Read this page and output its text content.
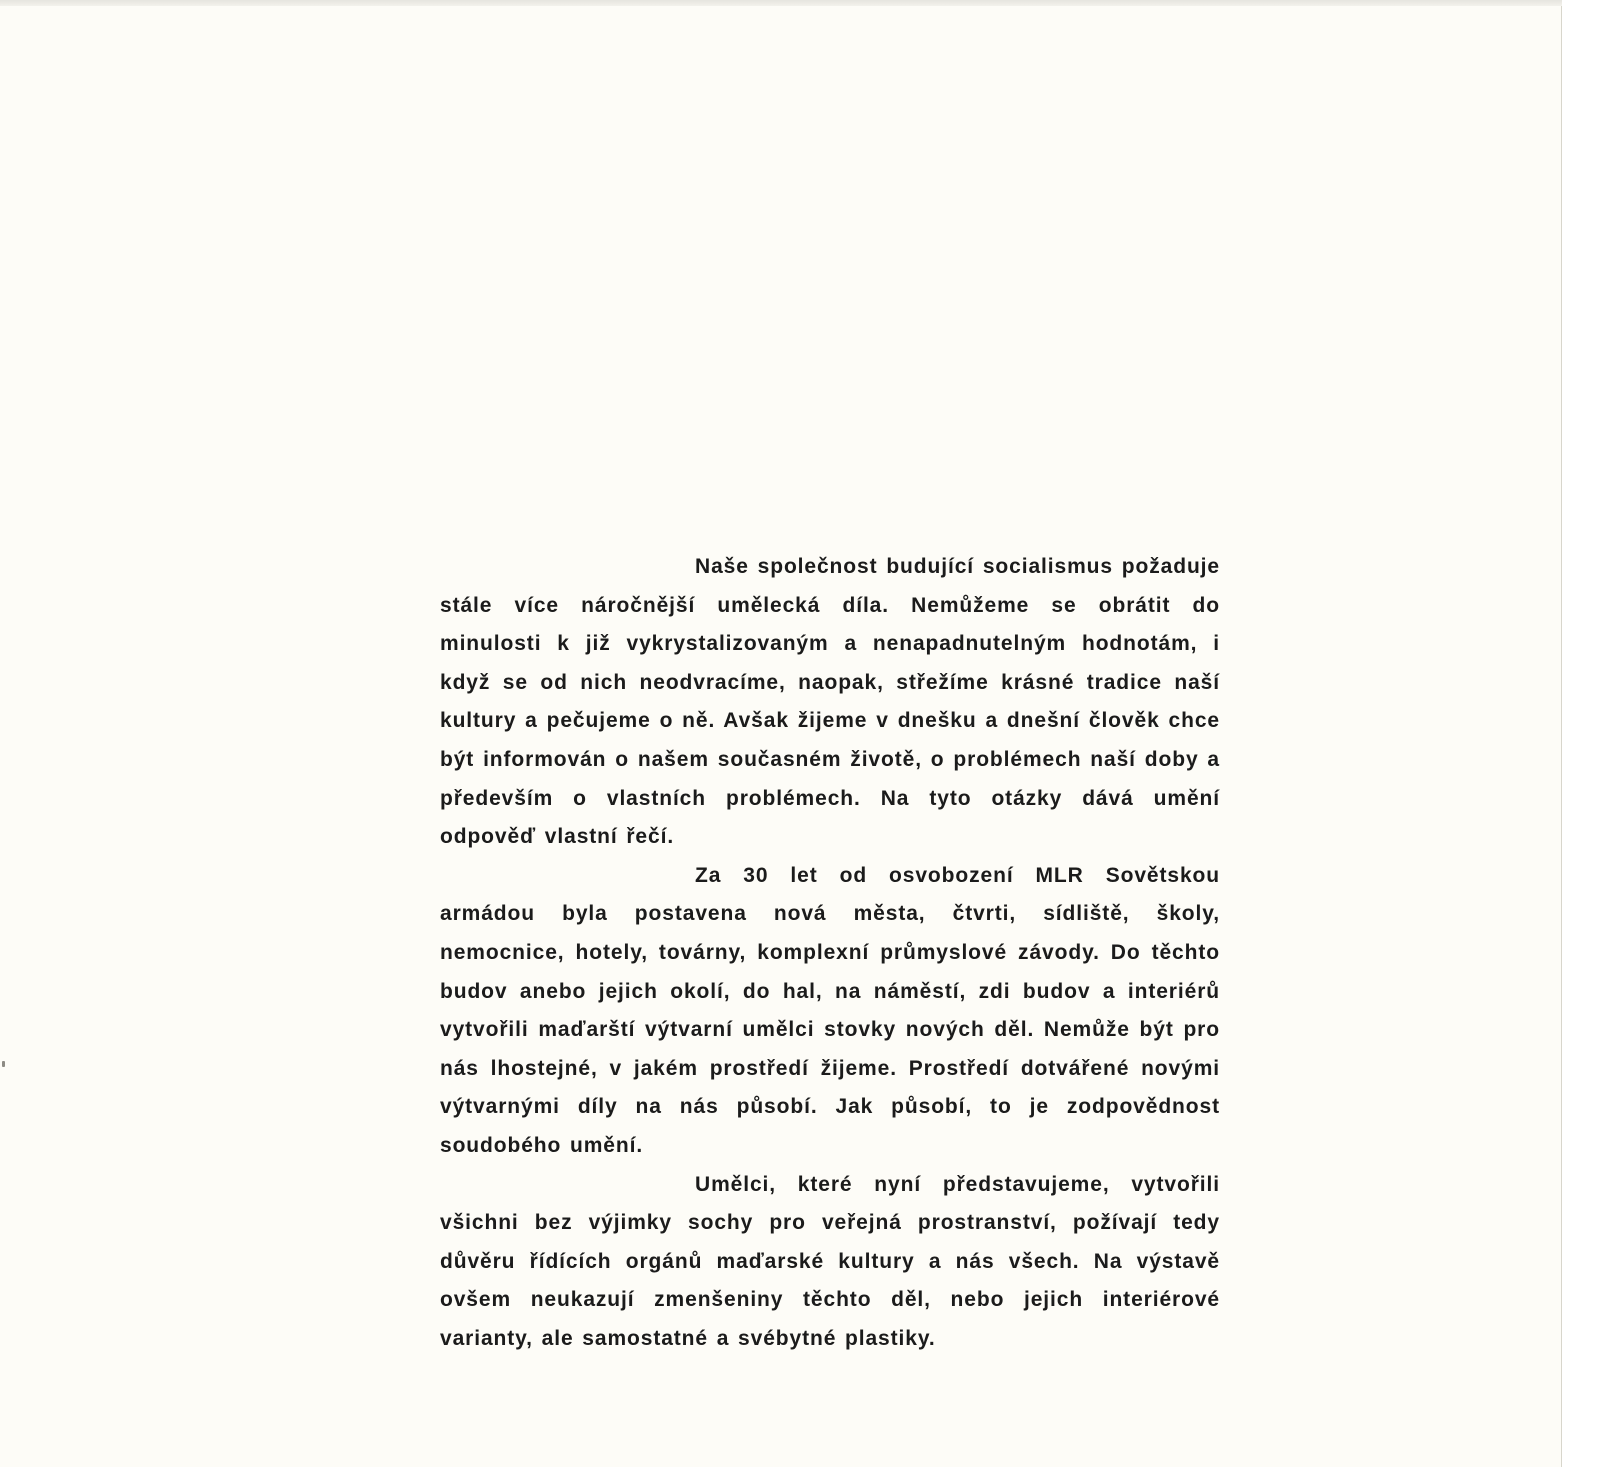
Naše společnost budující socialismus požaduje stále více náročnější umělecká díla. Nemůžeme se obrátit do minulosti k již vykrystalizovaným a nenapadnutelným hodnotám, i když se od nich neodvracíme, naopak, střežíme krásné tradice naší kultury a pečujeme o ně. Avšak žijeme v dnešku a dnešní člověk chce být informován o našem současném životě, o problémech naší doby a především o vlastních problémech. Na tyto otázky dává umění odpověď vlastní řečí.

Za 30 let od osvobození MLR Sovětskou armádou byla postavena nová města, čtvrti, sídliště, školy, nemocnice, hotely, továrny, komplexní průmyslové závody. Do těchto budov anebo jejich okolí, do hal, na náměstí, zdi budov a interiérů vytvořili maďarští výtvarní umělci stovky nových děl. Nemůže být pro nás lhostejné, v jakém prostředí žijeme. Prostředí dotvářené novými výtvarnými díly na nás působí. Jak působí, to je zodpovědnost soudobého umění.

Umělci, které nyní představujeme, vytvořili všichni bez výjimky sochy pro veřejná prostranství, požívají tedy důvěru řídících orgánů maďarské kultury a nás všech. Na výstavě ovšem neukazují zmenšeniny těchto děl, nebo jejich interiérové varianty, ale samostatné a svébytné plastiky.
